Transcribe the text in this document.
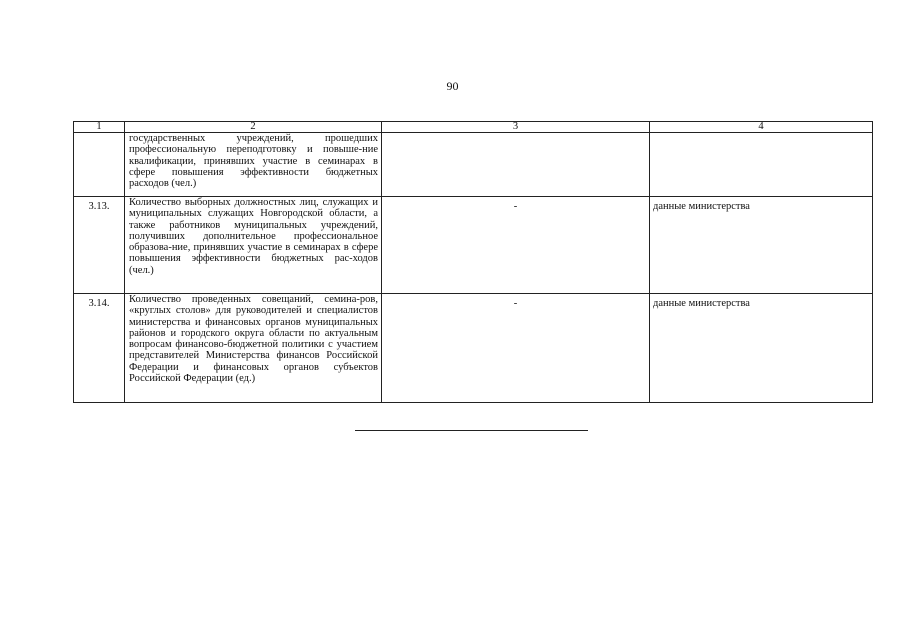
90
1	2	3	4
	государственных учреждений, прошедших профессиональную переподготовку и повыше-ние квалификации, принявших участие в семинарах в сфере повышения эффективности бюджетных расходов (чел.)		
3.13.	Количество выборных должностных лиц, служащих и муниципальных служащих Новгородской области, а также работников муниципальных учреждений, получивших дополнительное профессиональное образова-ние, принявших участие в семинарах в сфере повышения эффективности бюджетных рас-ходов (чел.)	-	данные министерства
3.14.	Количество проведенных совещаний, семина-ров, «круглых столов» для руководителей и специалистов министерства и финансовых органов муниципальных районов и городского округа области по актуальным вопросам финансово-бюджетной политики с участием представителей Министерства финансов Российской Федерации и финансовых органов субъектов Российской Федерации (ед.)	-	данные министерства
